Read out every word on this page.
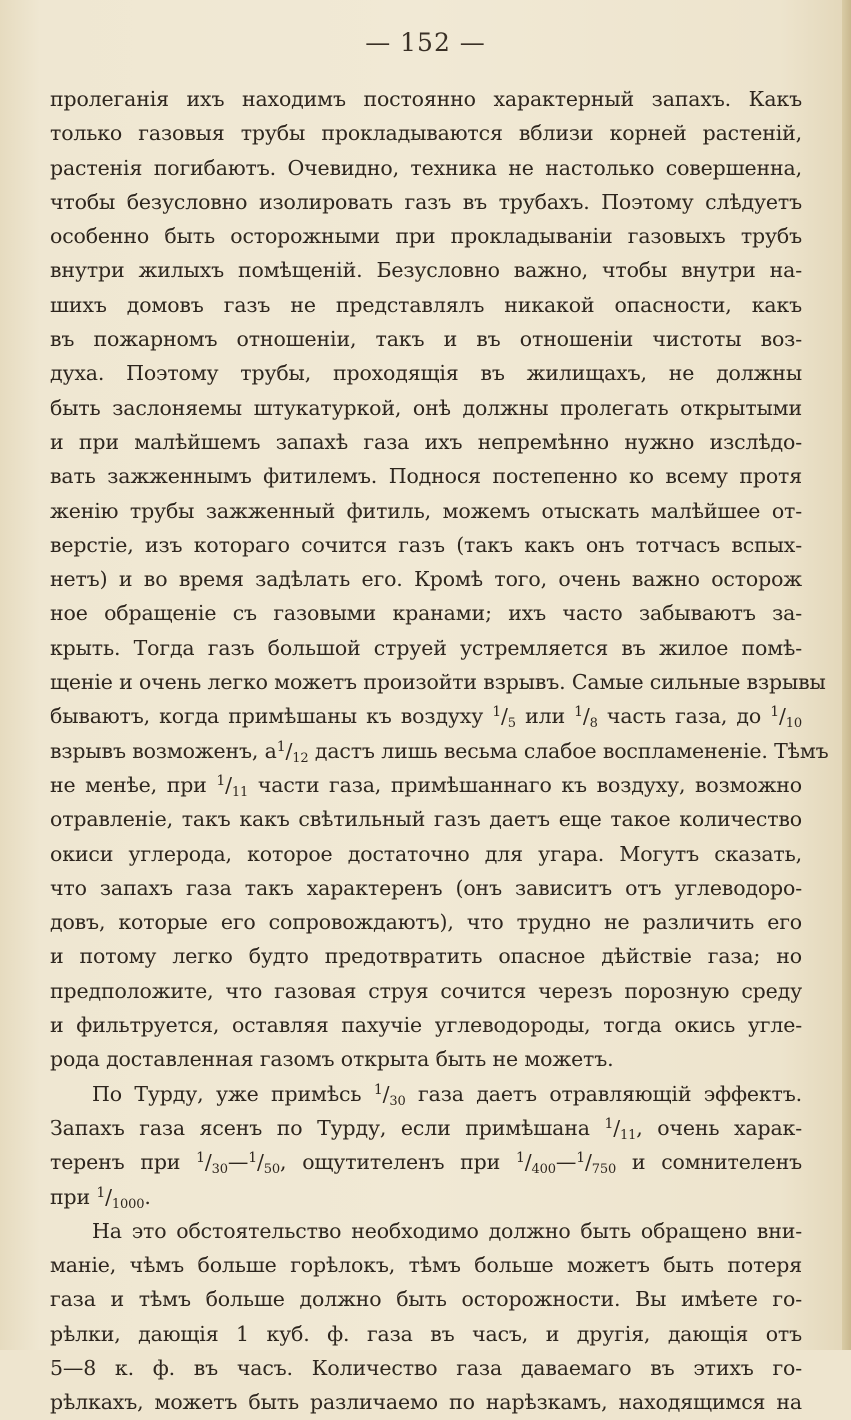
— 152 —
пролеганія ихъ находимъ постоянно характерный запахъ. Какъ
только газовыя трубы прокладываются вблизи корней растеній,
растенія погибаютъ. Очевидно, техника не настолько совершенна,
чтобы безусловно изолировать газъ въ трубахъ. Поэтому слѣдуетъ
особенно быть осторожными при прокладываніи газовыхъ трубъ
внутри жилыхъ помѣщеній. Безусловно важно, чтобы внутри на-
шихъ домовъ газъ не представлялъ никакой опасности, какъ
въ пожарномъ отношеніи, такъ и въ отношеніи чистоты воз-
духа. Поэтому трубы, проходящія въ жилищахъ, не должны
быть заслоняемы штукатуркой, онѣ должны пролегать открытыми
и при малѣйшемъ запахѣ газа ихъ непремѣнно нужно изслѣдо-
вать зажженнымъ фитилемъ. Поднося постепенно ко всему протя
женію трубы зажженный фитиль, можемъ отыскать малѣйшее от-
верстіе, изъ котораго сочится газъ (такъ какъ онъ тотчасъ вспых-
нетъ) и во время задѣлать его. Кромѣ того, очень важно осторож
ное обращеніе съ газовыми кранами; ихъ часто забываютъ за-
крыть. Тогда газъ большой струей устремляется въ жилое помѣ-
щеніе и очень легко можетъ произойти взрывъ. Самые сильные взрывы
бываютъ, когда примѣшаны къ воздуху $^1/_5$ или $^1/_8$ часть газа, до $^1/_{10}$
взрывъ возможенъ, $а^1/_{12}$ дастъ лишь весьма слабое воспламененіе. Тѣмъ
не менѣе, при $^1/_{11}$ части газа, примѣшаннаго къ воздуху, возможно
отравленіе, такъ какъ свѣтильный газъ даетъ еще такое количество
окиси углерода, которое достаточно для угара. Могутъ сказать,
что запахъ газа такъ характеренъ (онъ зависитъ отъ углеводоро-
довъ, которые его сопровождаютъ), что трудно не различить его
и потому легко будто предотвратить опасное дѣйствіе газа; но
предположите, что газовая струя сочится черезъ порозную среду
и фильтруется, оставляя пахучіе углеводороды, тогда окись угле-
рода доставленная газомъ открыта быть не можетъ.
По Турду, уже примѣсь $^1/_{30}$ газа даетъ отравляющій эффектъ.
Запахъ газа ясенъ по Турду, если примѣшана $^1/_{11}$, очень харак-
теренъ при $^1/_{30}—^1/_{50}$, ощутителенъ при $^1/_{400}—^1/_{750}$ и сомнителенъ
при $^1/_{1000}$.
На это обстоятельство необходимо должно быть обращено вни-
маніе, чѣмъ больше горѣлокъ, тѣмъ больше можетъ быть потеря
газа и тѣмъ больше должно быть осторожности. Вы имѣете го-
рѣлки, дающія 1 куб. ф. газа въ часъ, и другія, дающія отъ
5—8 к. ф. въ часъ. Количество газа даваемаго въ этихъ го-
рѣлкахъ, можетъ быть различаемо по нарѣзкамъ, находящимся на
